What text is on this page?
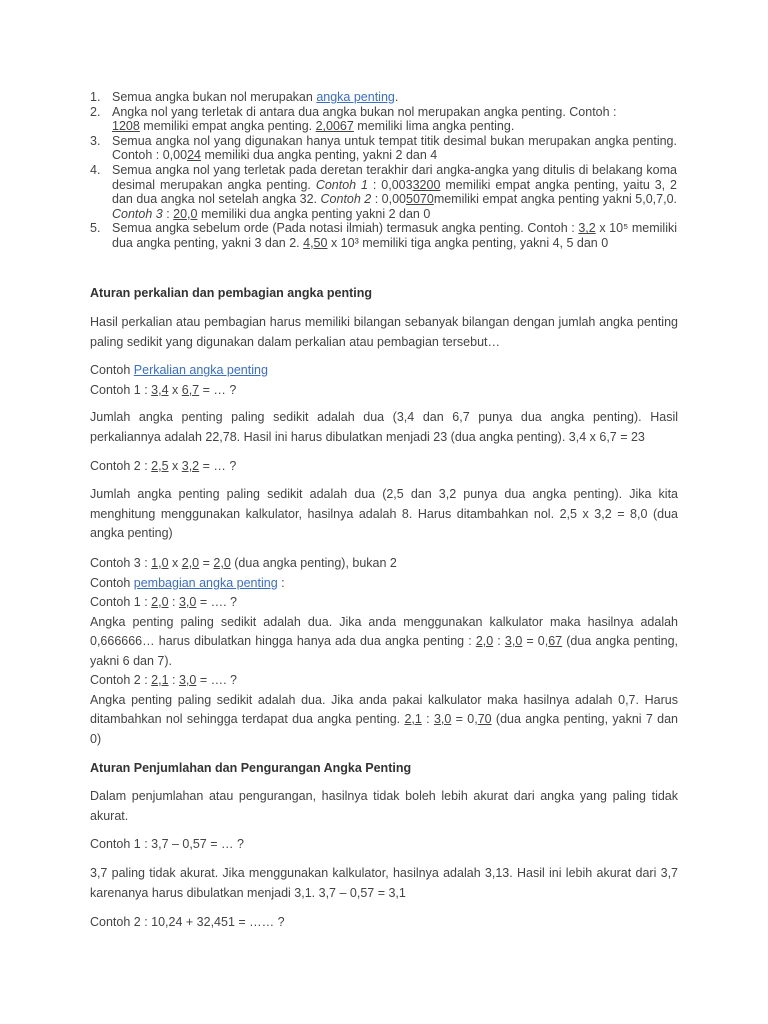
1. Semua angka bukan nol merupakan angka penting.
2. Angka nol yang terletak di antara dua angka bukan nol merupakan angka penting. Contoh :
1208 memiliki empat angka penting. 2,0067 memiliki lima angka penting.
3. Semua angka nol yang digunakan hanya untuk tempat titik desimal bukan merupakan angka penting. Contoh : 0,0024 memiliki dua angka penting, yakni 2 dan 4
4. Semua angka nol yang terletak pada deretan terakhir dari angka-angka yang ditulis di belakang koma desimal merupakan angka penting. Contoh 1 : 0,0033200 memiliki empat angka penting, yaitu 3, 2 dan dua angka nol setelah angka 32. Contoh 2 : 0,005070memiliki empat angka penting yakni 5,0,7,0. Contoh 3 : 20,0 memiliki dua angka penting yakni 2 dan 0
5. Semua angka sebelum orde (Pada notasi ilmiah) termasuk angka penting. Contoh : 3,2 x 10⁵ memiliki dua angka penting, yakni 3 dan 2. 4,50 x 10³ memiliki tiga angka penting, yakni 4, 5 dan 0
Aturan perkalian dan pembagian angka penting
Hasil perkalian atau pembagian harus memiliki bilangan sebanyak bilangan dengan jumlah angka penting paling sedikit yang digunakan dalam perkalian atau pembagian tersebut…
Contoh Perkalian angka penting
Contoh 1 : 3,4 x 6,7 = … ?
Jumlah angka penting paling sedikit adalah dua (3,4 dan 6,7 punya dua angka penting). Hasil perkaliannya adalah 22,78. Hasil ini harus dibulatkan menjadi 23 (dua angka penting). 3,4 x 6,7 = 23
Contoh 2 : 2,5 x 3,2 = … ?
Jumlah angka penting paling sedikit adalah dua (2,5 dan 3,2 punya dua angka penting). Jika kita menghitung menggunakan kalkulator, hasilnya adalah 8. Harus ditambahkan nol. 2,5 x 3,2 = 8,0 (dua angka penting)
Contoh 3 : 1,0 x 2,0 = 2,0 (dua angka penting), bukan 2
Contoh pembagian angka penting :
Contoh 1 : 2,0 : 3,0 = …. ?
Angka penting paling sedikit adalah dua. Jika anda menggunakan kalkulator maka hasilnya adalah 0,666666… harus dibulatkan hingga hanya ada dua angka penting : 2,0 : 3,0 = 0,67 (dua angka penting, yakni 6 dan 7).
Contoh 2 : 2,1 : 3,0 = …. ?
Angka penting paling sedikit adalah dua. Jika anda pakai kalkulator maka hasilnya adalah 0,7. Harus ditambahkan nol sehingga terdapat dua angka penting. 2,1 : 3,0 = 0,70 (dua angka penting, yakni 7 dan 0)
Aturan Penjumlahan dan Pengurangan Angka Penting
Dalam penjumlahan atau pengurangan, hasilnya tidak boleh lebih akurat dari angka yang paling tidak akurat.
Contoh 1 : 3,7 – 0,57 = … ?
3,7 paling tidak akurat. Jika menggunakan kalkulator, hasilnya adalah 3,13. Hasil ini lebih akurat dari 3,7 karenanya harus dibulatkan menjadi 3,1. 3,7 – 0,57 = 3,1
Contoh 2 : 10,24 + 32,451 = …… ?
